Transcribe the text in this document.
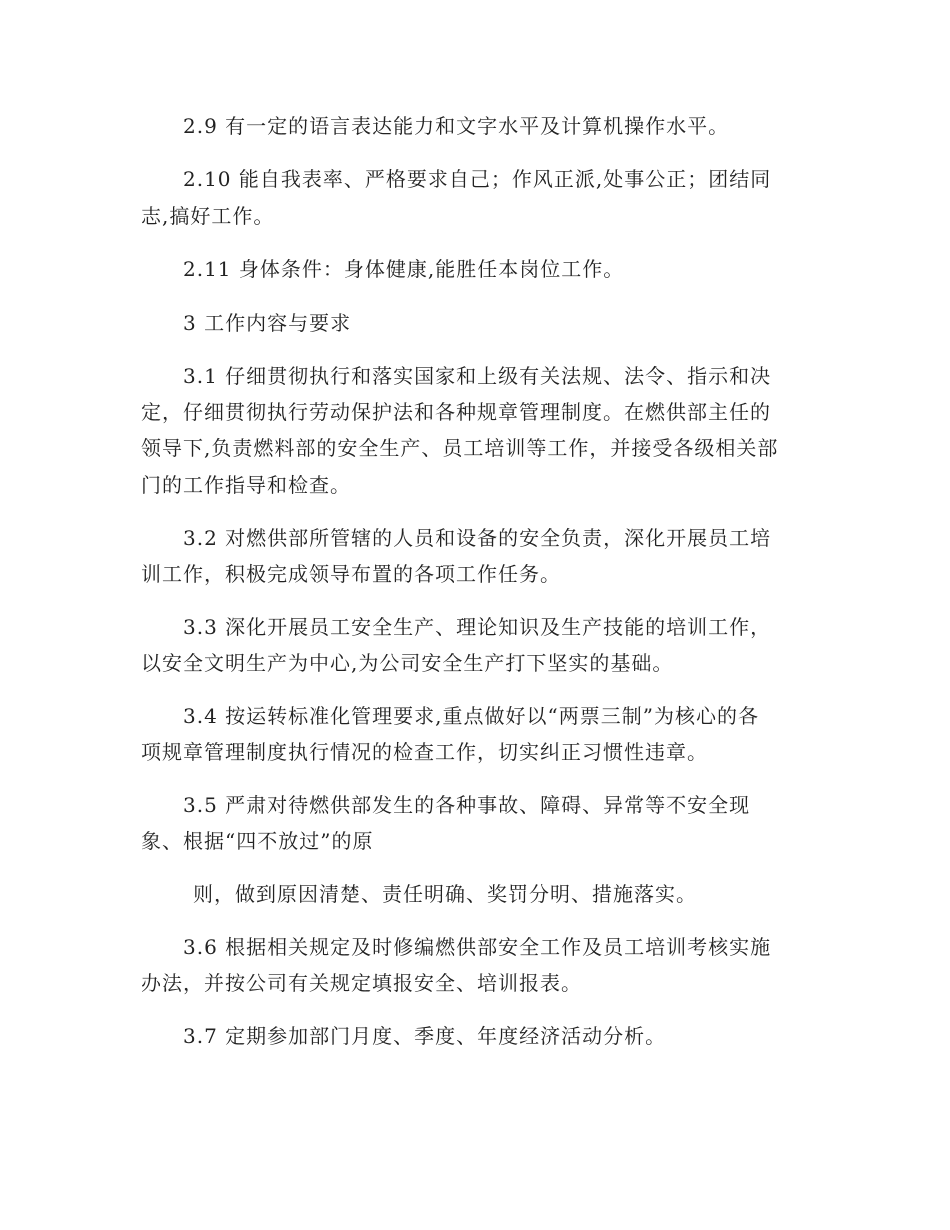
2.9 有一定的语言表达能力和文字水平及计算机操作水平。
2.10 能自我表率、严格要求自己；作风正派,处事公正；团结同
志,搞好工作。
2.11 身体条件：身体健康,能胜任本岗位工作。
3 工作内容与要求
3.1 仔细贯彻执行和落实国家和上级有关法规、法令、指示和决
定，仔细贯彻执行劳动保护法和各种规章管理制度。在燃供部主任的
领导下,负责燃料部的安全生产、员工培训等工作，并接受各级相关部
门的工作指导和检查。
3.2 对燃供部所管辖的人员和设备的安全负责，深化开展员工培
训工作，积极完成领导布置的各项工作任务。
3.3 深化开展员工安全生产、理论知识及生产技能的培训工作，
以安全文明生产为中心,为公司安全生产打下坚实的基础。
3.4 按运转标准化管理要求,重点做好以“两票三制”为核心的各
项规章管理制度执行情况的检查工作，切实纠正习惯性违章。
3.5 严肃对待燃供部发生的各种事故、障碍、异常等不安全现
象、根据“四不放过”的原
则，做到原因清楚、责任明确、奖罚分明、措施落实。
3.6 根据相关规定及时修编燃供部安全工作及员工培训考核实施
办法，并按公司有关规定填报安全、培训报表。
3.7 定期参加部门月度、季度、年度经济活动分析。
